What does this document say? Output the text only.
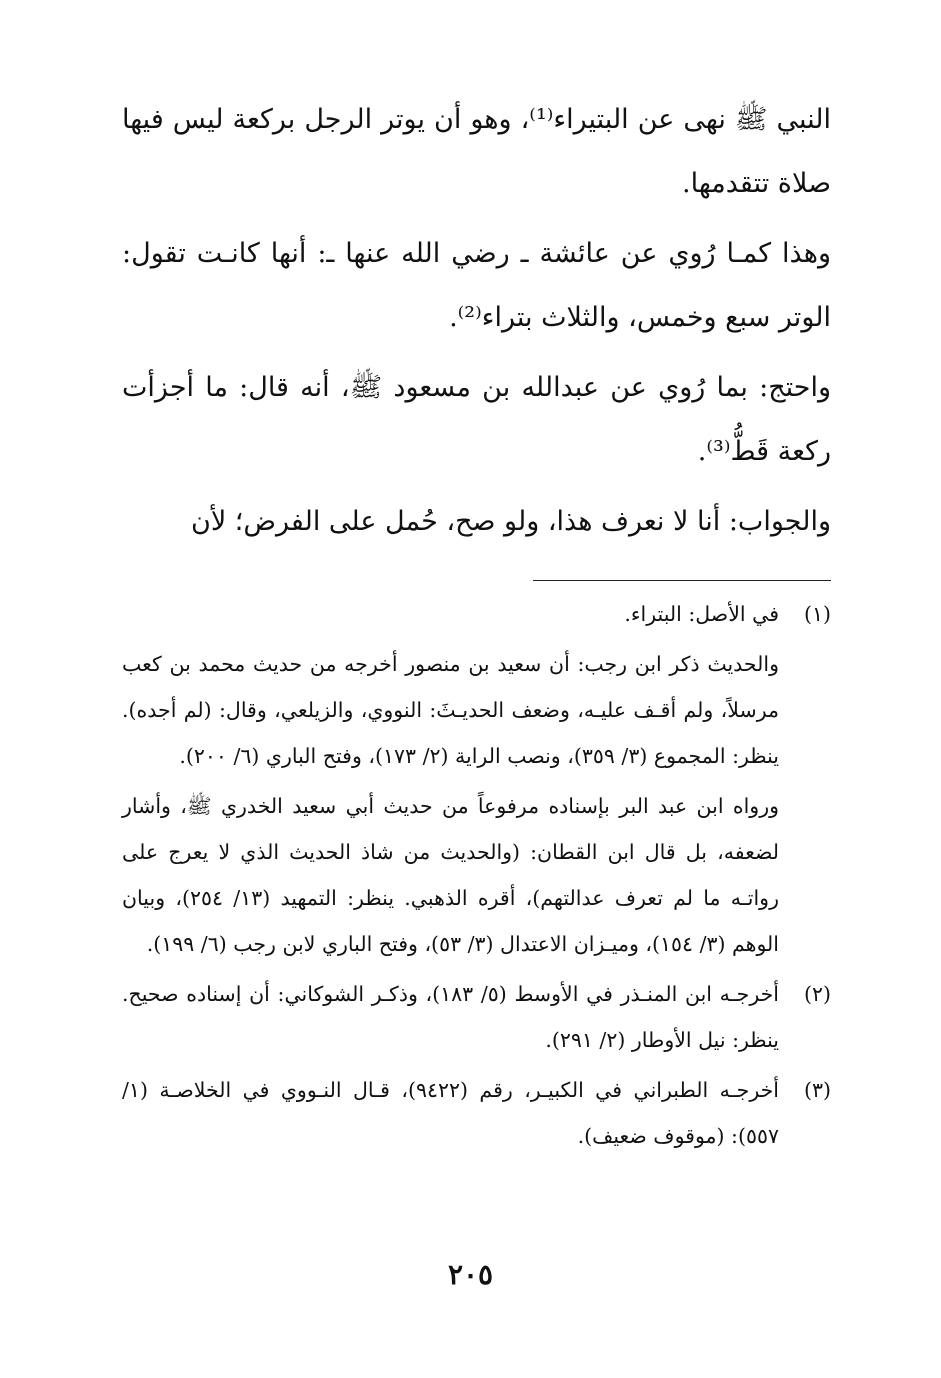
النبي ﷺ نهى عن البتيراء⁽¹⁾، وهو أن يوتر الرجل بركعة ليس فيها صلاة تتقدمها.

وهذا كمـا رُوي عن عائشة ـ رضي الله عنها ـ: أنها كانـت تقول: الوتر سبع وخمس، والثلاث بتراء⁽²⁾.

واحتج: بما رُوي عن عبدالله بن مسعود ﷺ، أنه قال: ما أجزأت ركعة قَطُّ⁽³⁾.

والجواب: أنا لا نعرف هذا، ولو صح، حُمل على الفرض؛ لأن

(١)

في الأصل: البتراء.

والحديث ذكر ابن رجب: أن سعيد بن منصور أخرجه من حديث محمد بن كعب مرسلاً، ولم أقـف عليـه، وضعف الحديـثَ: النووي، والزيلعي، وقال: (لم أجده). ينظر: المجموع (٣/ ٣٥٩)، ونصب الراية (٢/ ١٧٣)، وفتح الباري (٦/ ٢٠٠).

ورواه ابن عبد البر بإسناده مرفوعاً من حديث أبي سعيد الخدري ﷺ، وأشار لضعفه، بل قال ابن القطان: (والحديث من شاذ الحديث الذي لا يعرج على رواتـه ما لم تعرف عدالتهم)، أقره الذهبي. ينظر: التمهيد (١٣/ ٢٥٤)، وبيان الوهم (٣/ ١٥٤)، وميـزان الاعتدال (٣/ ٥٣)، وفتح الباري لابن رجب (٦/ ١٩٩).

(٢)

أخرجـه ابن المنـذر في الأوسط (٥/ ١٨٣)، وذكـر الشوكاني: أن إسناده صحيح. ينظر: نيل الأوطار (٢/ ٢٩١).

(٣)

أخرجـه الطبراني في الكبيـر، رقم (٩٤٢٢)، قـال النـووي في الخلاصـة (١/ ٥٥٧): (موقوف ضعيف).

٢٠٥
